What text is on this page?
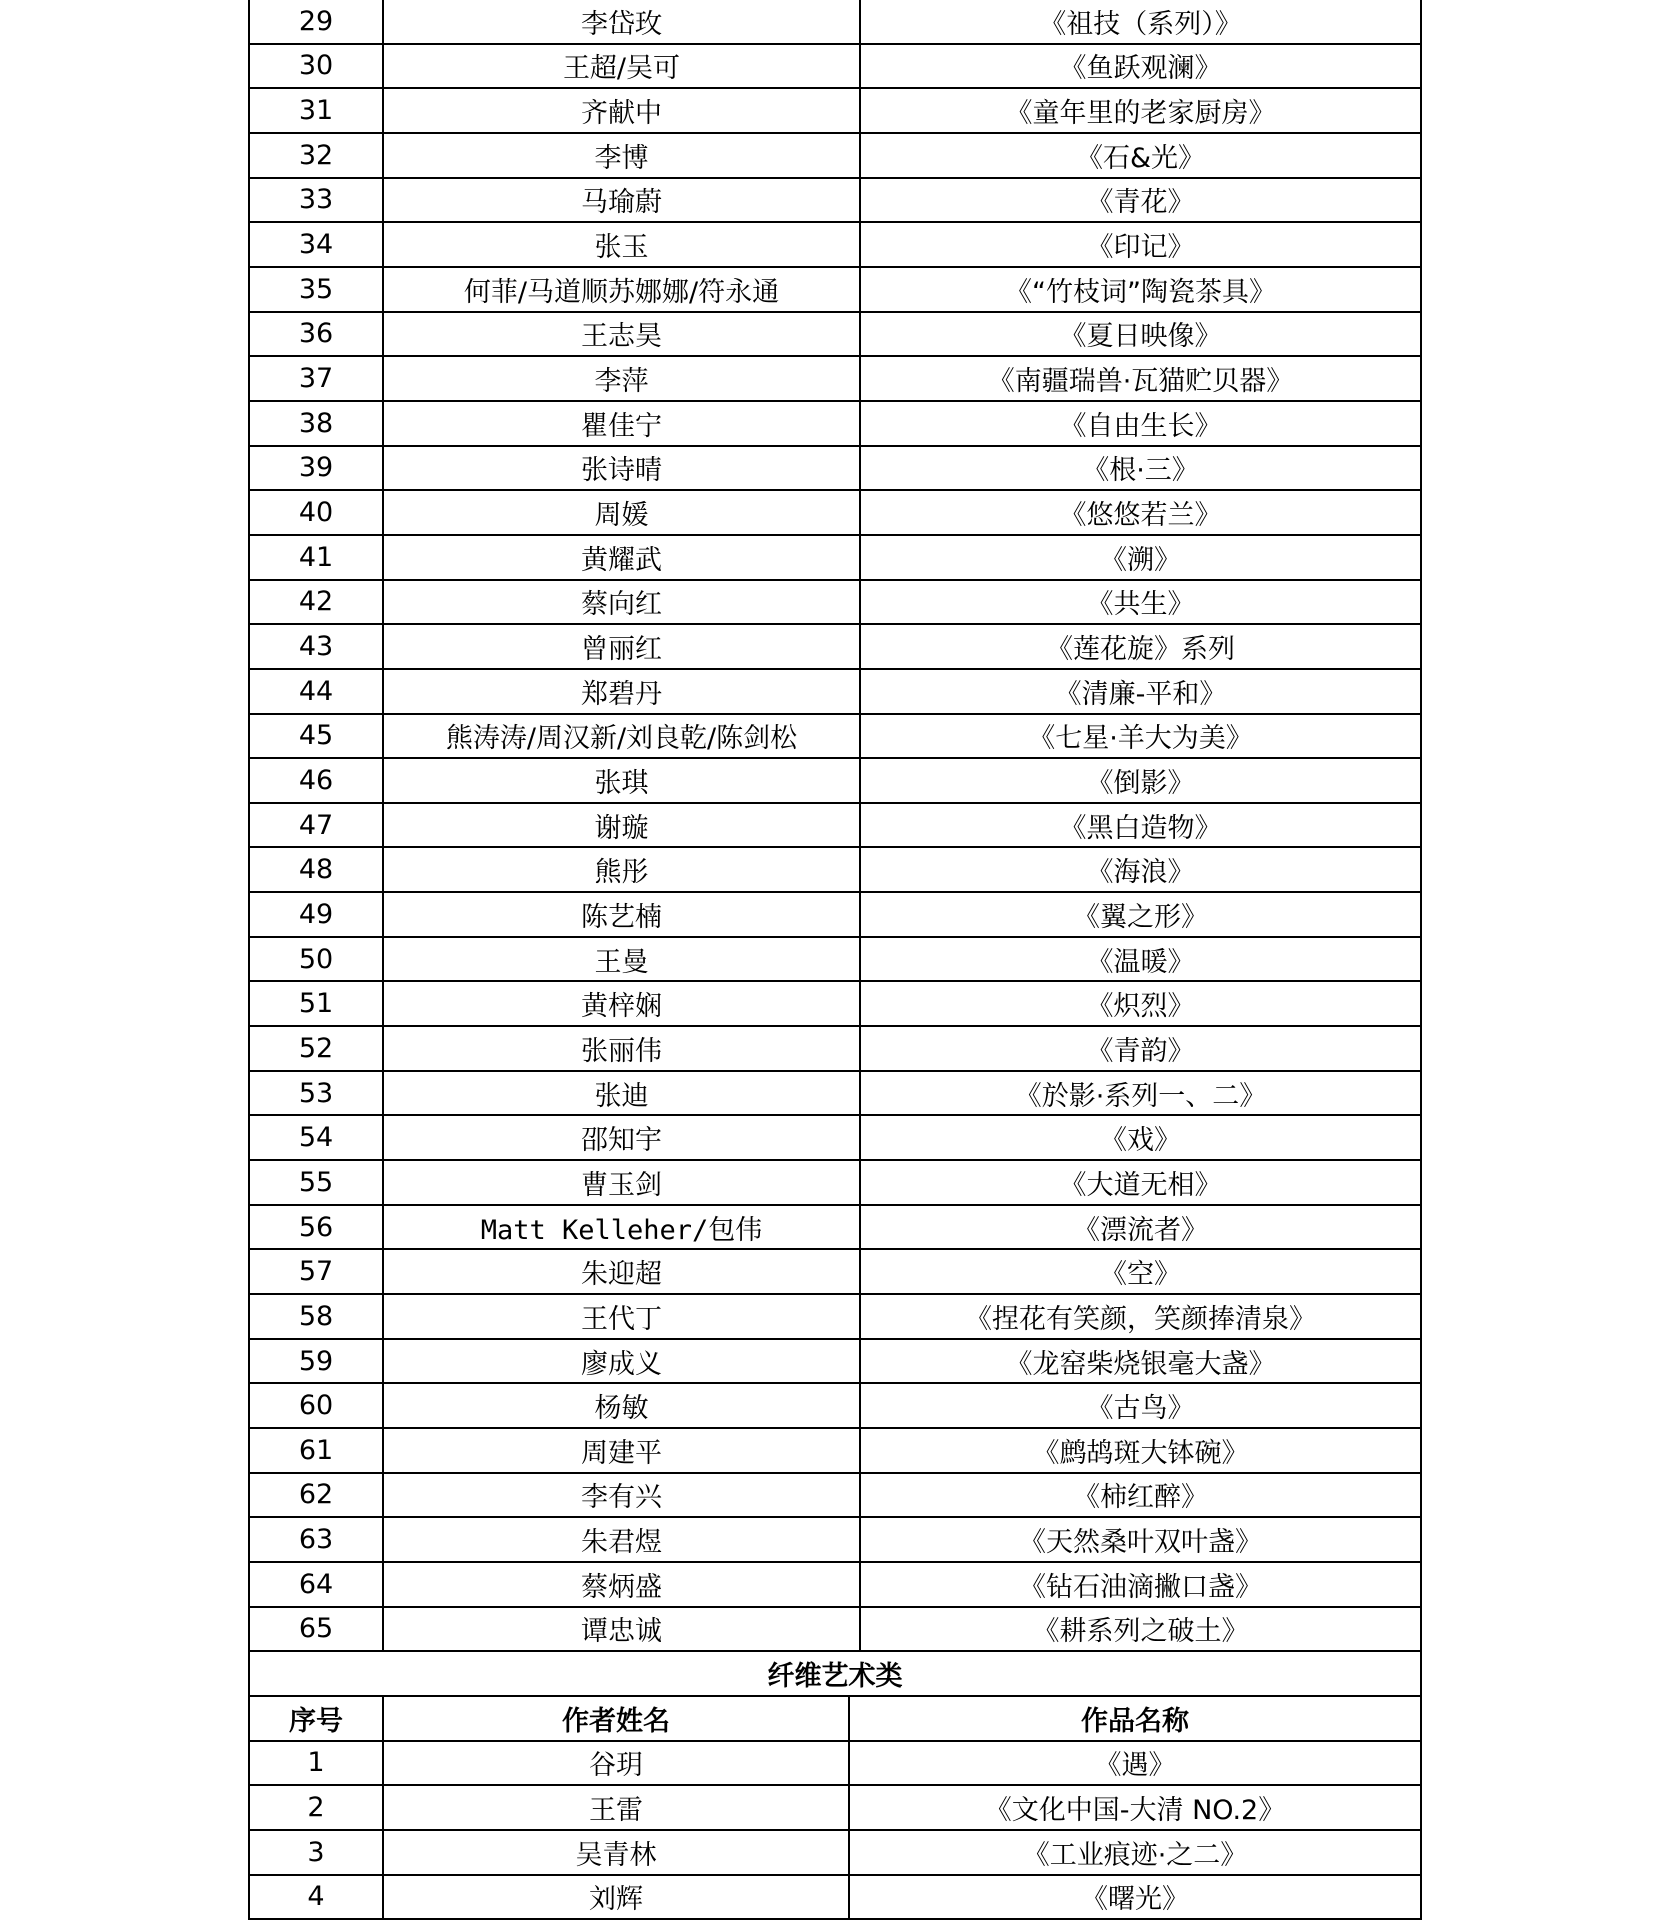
29	李岱玫	《祖技（系列）》
30	王超/吴可	《鱼跃观澜》
31	齐献中	《童年里的老家厨房》
32	李博	《石&光》
33	马瑜蔚	《青花》
34	张玉	《印记》
35	何菲/马道顺苏娜娜/符永通	《“竹枝词”陶瓷茶具》
36	王志昊	《夏日映像》
37	李萍	《南疆瑞兽·瓦猫贮贝器》
38	瞿佳宁	《自由生长》
39	张诗晴	《根·三》
40	周媛	《悠悠若兰》
41	黄耀武	《溯》
42	蔡向红	《共生》
43	曾丽红	《莲花旋》系列
44	郑碧丹	《清廉-平和》
45	熊涛涛/周汉新/刘良乾/陈剑松	《七星·羊大为美》
46	张琪	《倒影》
47	谢璇	《黑白造物》
48	熊彤	《海浪》
49	陈艺楠	《翼之形》
50	王曼	《温暖》
51	黄梓娴	《炽烈》
52	张丽伟	《青韵》
53	张迪	《於影·系列一、二》
54	邵知宇	《戏》
55	曹玉剑	《大道无相》
56	Matt Kelleher/包伟	《漂流者》
57	朱迎超	《空》
58	王代丁	《捏花有笑颜，笑颜捧清泉》
59	廖成义	《龙窑柴烧银毫大盏》
60	杨敏	《古鸟》
61	周建平	《鹧鸪斑大钵碗》
62	李有兴	《柿红醉》
63	朱君煜	《天然桑叶双叶盏》
64	蔡炳盛	《钻石油滴撇口盏》
65	谭忠诚	《耕系列之破土》
纤维艺术类
序号	作者姓名	作品名称
1	谷玥	《遇》
2	王雷	《文化中国-大清 NO.2》
3	吴青林	《工业痕迹·之二》
4	刘辉	《曙光》
